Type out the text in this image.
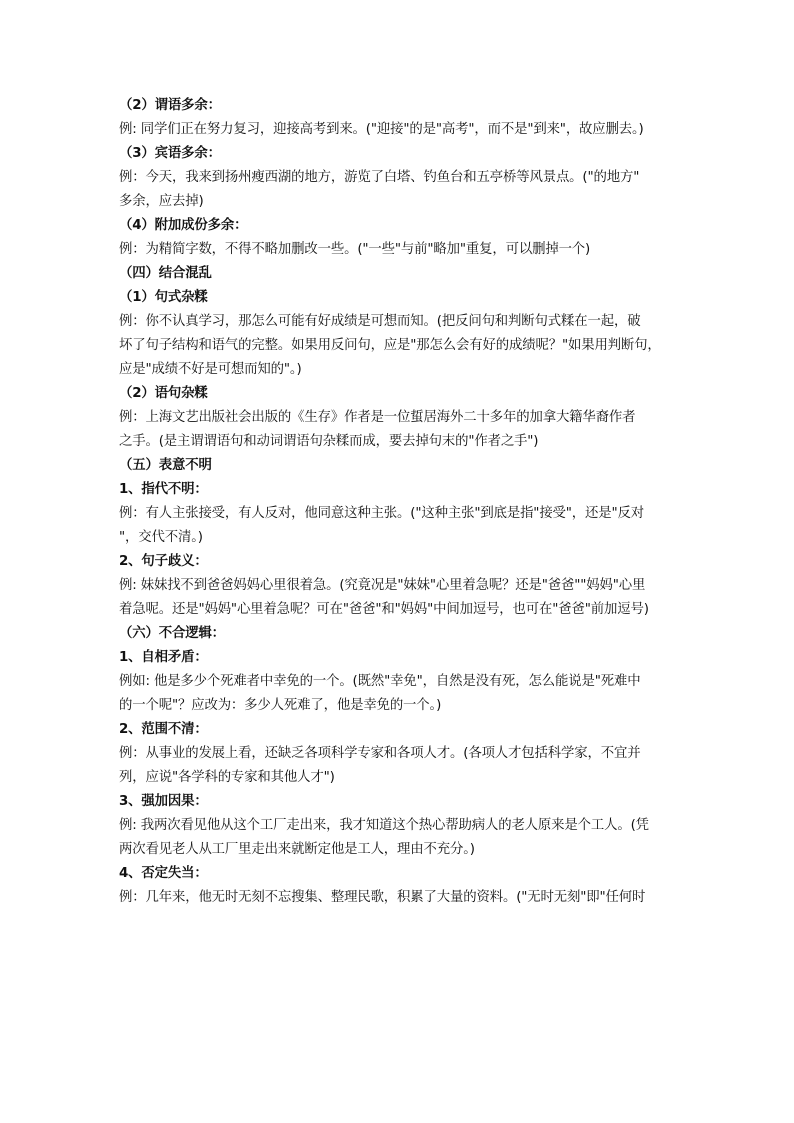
（2）谓语多余：
例: 同学们正在努力复习，迎接高考到来。("迎接"的是"高考"，而不是"到来"，故应删去。)
（3）宾语多余：
例：今天，我来到扬州瘦西湖的地方，游览了白塔、钓鱼台和五亭桥等风景点。("的地方"
多余，应去掉)
（4）附加成份多余：
例：为精简字数，不得不略加删改一些。("一些"与前"略加"重复，可以删掉一个)
（四）结合混乱
（1）句式杂糅
例：你不认真学习，那怎么可能有好成绩是可想而知。(把反问句和判断句式糅在一起，破
坏了句子结构和语气的完整。如果用反问句，应是"那怎么会有好的成绩呢？"如果用判断句，
应是"成绩不好是可想而知的"。)
（2）语句杂糅
例：上海文艺出版社会出版的《生存》作者是一位蜇居海外二十多年的加拿大籍华裔作者
之手。(是主谓谓语句和动词谓语句杂糅而成，要去掉句末的"作者之手")
（五）表意不明
1、指代不明：
例：有人主张接受，有人反对，他同意这种主张。("这种主张"到底是指"接受"，还是"反对
"，交代不清。)
2、句子歧义：
例: 妹妹找不到爸爸妈妈心里很着急。(究竟况是"妹妹"心里着急呢？还是"爸爸""妈妈"心里
着急呢。还是"妈妈"心里着急呢？可在"爸爸"和"妈妈"中间加逗号，也可在"爸爸"前加逗号)
（六）不合逻辑：
1、自相矛盾：
例如: 他是多少个死难者中幸免的一个。(既然"幸免"，自然是没有死，怎么能说是"死难中
的一个呢"？应改为：多少人死难了，他是幸免的一个。)
2、范围不清：
例：从事业的发展上看，还缺乏各项科学专家和各项人才。(各项人才包括科学家，不宜并
列，应说"各学科的专家和其他人才")
3、强加因果：
例: 我两次看见他从这个工厂走出来，我才知道这个热心帮助病人的老人原来是个工人。(凭
两次看见老人从工厂里走出来就断定他是工人，理由不充分。)
4、否定失当：
例：几年来，他无时无刻不忘搜集、整理民歌，积累了大量的资料。("无时无刻"即"任何时
